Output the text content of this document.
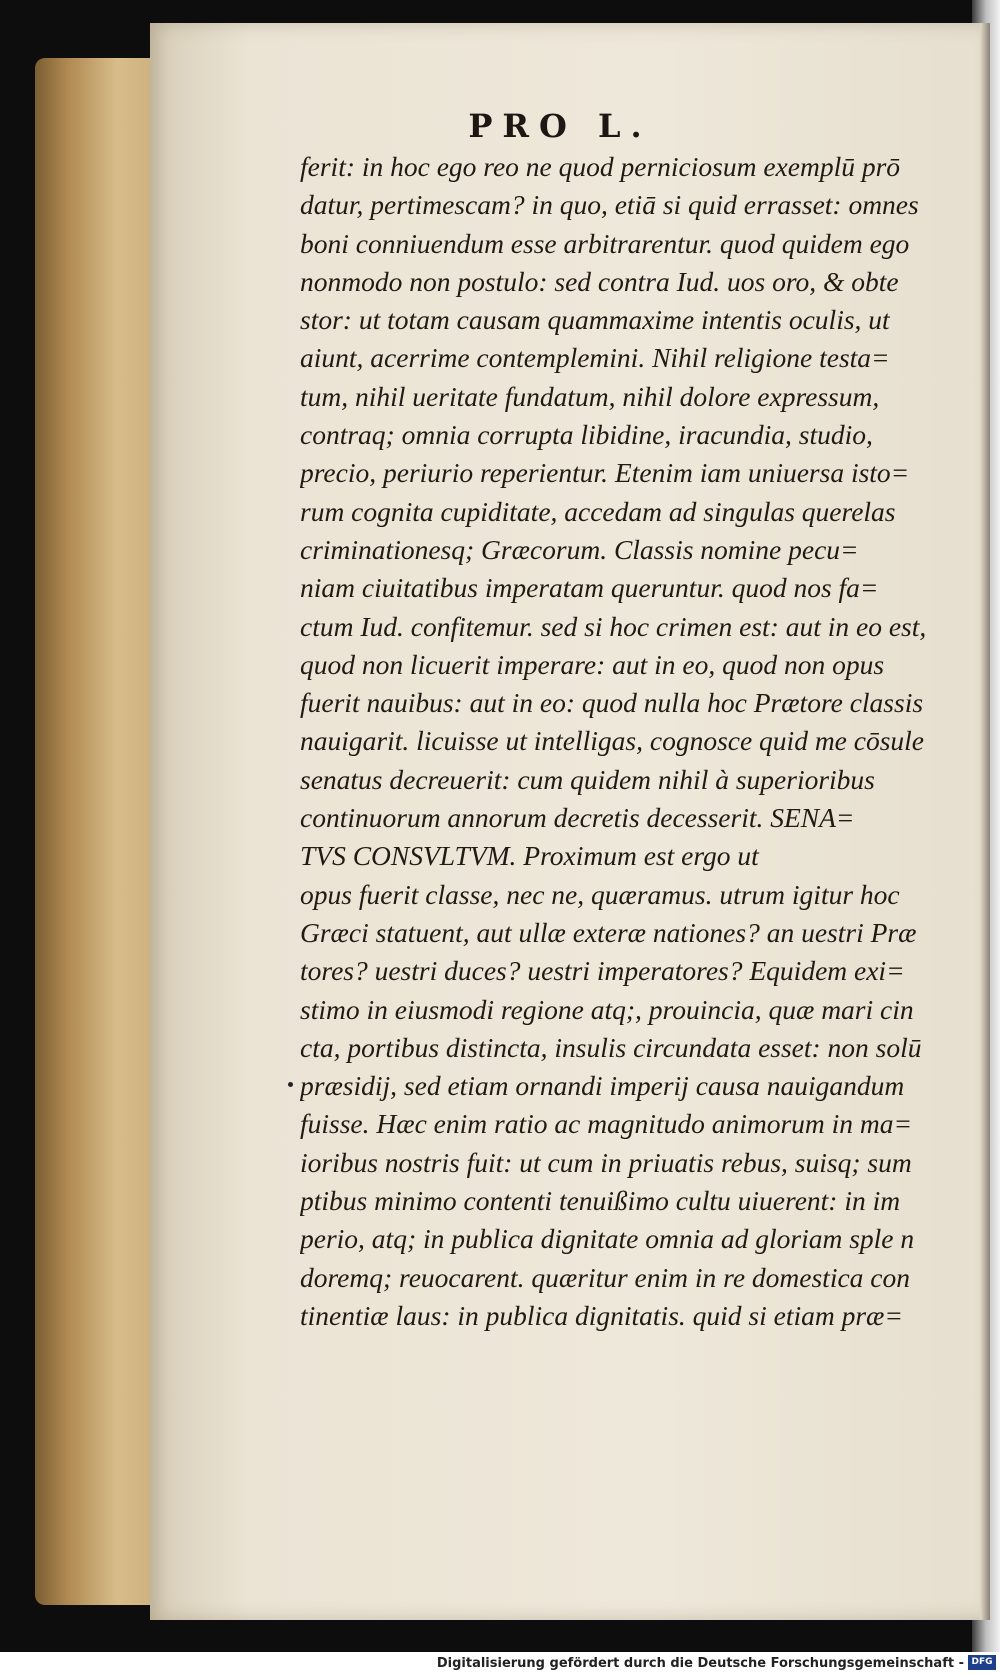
PRO L.
ferit: in hoc ego reo ne quod perniciosum exemplū prō
datur, pertimescam? in quo, etiā si quid errasset: omnes
boni conniuendum esse arbitrarentur. quod quidem ego
nonmodo non postulo: sed contra Iud. uos oro, & obte
stor: ut totam causam quammaxime intentis oculis, ut
aiunt, acerrime contemplemini. Nihil religione testa=
tum, nihil ueritate fundatum, nihil dolore expressum,
contraq; omnia corrupta libidine, iracundia, studio,
precio, periurio reperientur. Etenim iam uniuersa isto=
rum cognita cupiditate, accedam ad singulas querelas
criminationesq; Græcorum. Classis nomine pecu=
niam ciuitatibus imperatam queruntur. quod nos fa=
ctum Iud. confitemur. sed si hoc crimen est: aut in eo est,
quod non licuerit imperare: aut in eo, quod non opus
fuerit nauibus: aut in eo: quod nulla hoc Prætore classis
nauigarit. licuisse ut intelligas, cognosce quid me cōsule
senatus decreuerit: cum quidem nihil à superioribus
continuorum annorum decretis decesserit. SENA=
TVS CONSVLTVM. Proximum est ergo ut
opus fuerit classe, nec ne, quæramus. utrum igitur hoc
Græci statuent, aut ullæ exteræ nationes? an uestri Præ
tores? uestri duces? uestri imperatores? Equidem exi=
stimo in eiusmodi regione atq;, prouincia, quæ mari cin
cta, portibus distincta, insulis circundata esset: non solū
præsidij, sed etiam ornandi imperij causa nauigandum
fuisse. Hæc enim ratio ac magnitudo animorum in ma=
ioribus nostris fuit: ut cum in priuatis rebus, suisq; sum
ptibus minimo contenti tenuißimo cultu uiuerent: in im
perio, atq; in publica dignitate omnia ad gloriam sple n
doremq; reuocarent. quæritur enim in re domestica con
tinentiæ laus: in publica dignitatis. quid si etiam præ=
Digitalisierung gefördert durch die Deutsche Forschungsgemeinschaft - DFG
